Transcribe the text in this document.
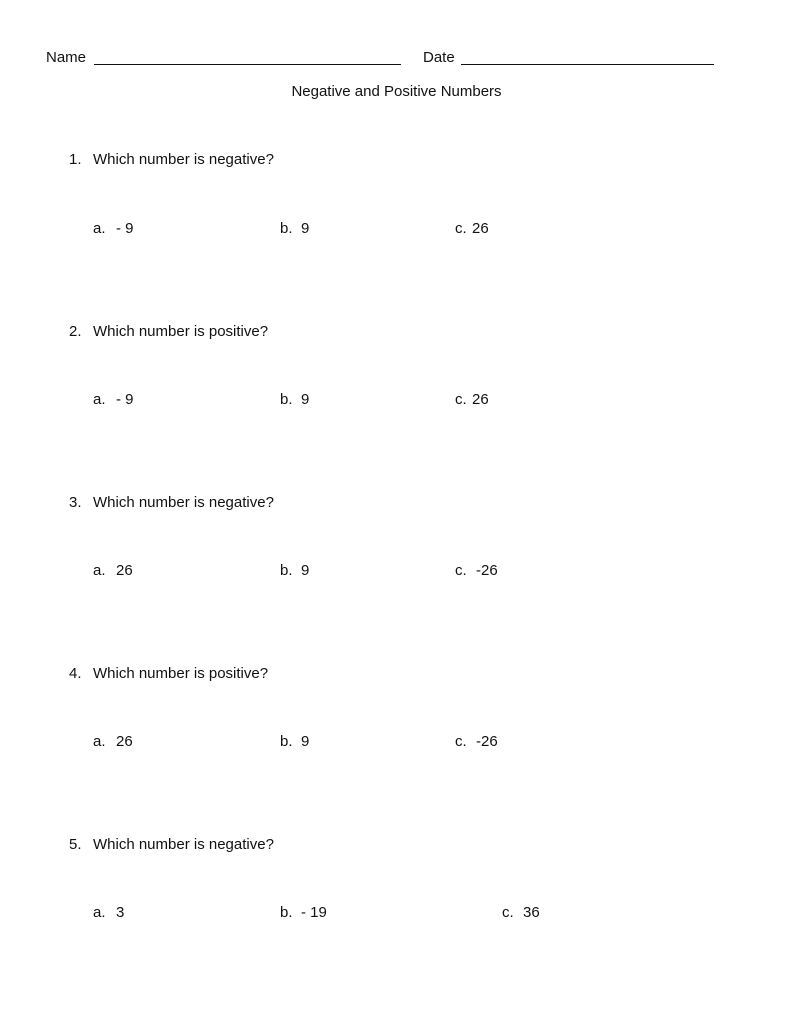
Name	Date
Negative and Positive Numbers
1. Which number is negative?
a. - 9	b. 9	c. 26
2. Which number is positive?
a. - 9	b. 9	c. 26
3. Which number is negative?
a. 26	b. 9	c. -26
4. Which number is positive?
a. 26	b. 9	c. -26
5. Which number is negative?
a. 3	b. - 19	c. 36
